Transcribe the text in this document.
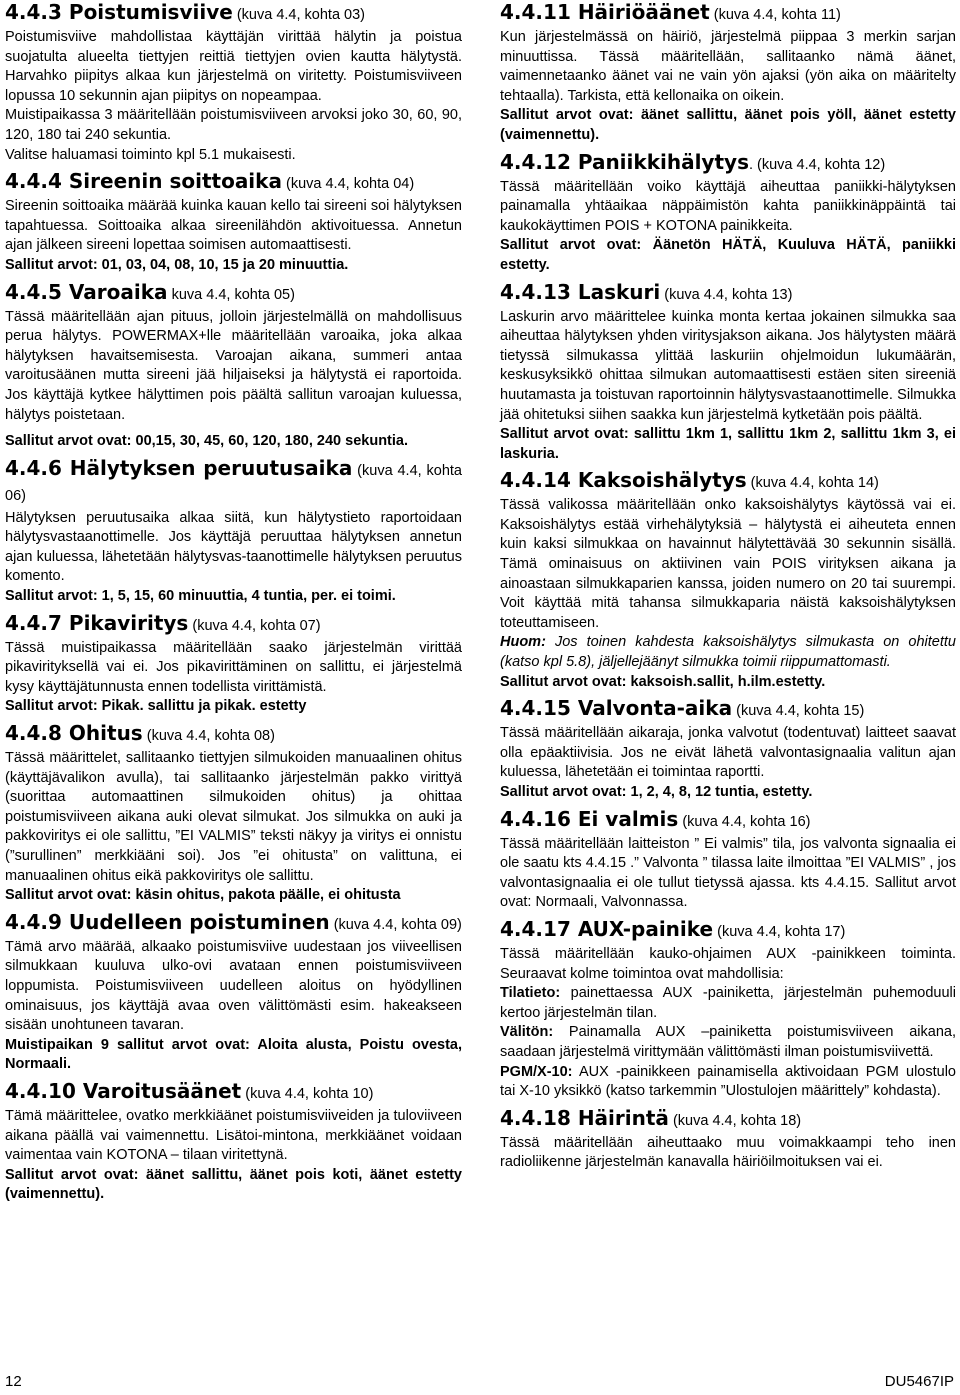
4.4.3 Poistumisviive (kuva 4.4, kohta 03)

Poistumisviive mahdollistaa käyttäjän virittää hälytin ja poistua suojatulta alueelta tiettyjen reittiä tiettyjen ovien kautta hälytystä. Harvahko piipitys alkaa kun järjestelmä on viritetty. Poistumisviiveen lopussa 10 sekunnin ajan piipitys on nopeampaa.

Muistipaikassa 3 määritellään poistumisviiveen arvoksi joko 30, 60, 90, 120, 180 tai 240 sekuntia.

Valitse haluamasi toiminto kpl 5.1 mukaisesti.

4.4.4 Sireenin soittoaika (kuva 4.4, kohta 04)

Sireenin soittoaika määrää kuinka kauan kello tai sireeni soi hälytyksen tapahtuessa. Soittoaika alkaa sireenilähdön aktivoituessa. Annetun ajan jälkeen sireeni lopettaa soimisen automaattisesti.

Sallitut arvot: 01, 03, 04, 08, 10, 15 ja 20 minuuttia.

4.4.5 Varoaika kuva 4.4, kohta 05)

Tässä määritellään ajan pituus, jolloin järjestelmällä on mahdollisuus perua hälytys. POWERMAX+lle määritellään varoaika, joka alkaa hälytyksen havaitsemisesta. Varoajan aikana, summeri antaa varoitusäänen mutta sireeni jää hiljaiseksi ja hälytystä ei raportoida. Jos käyttäjä kytkee hälyttimen pois päältä sallitun varoajan kuluessa, hälytys poistetaan.

Sallitut arvot ovat: 00,15, 30, 45, 60, 120, 180, 240 sekuntia.

4.4.6 Hälytyksen peruutusaika (kuva 4.4, kohta 06)

Hälytyksen peruutusaika alkaa siitä, kun hälytystieto raportoidaan hälytysvastaanottimelle. Jos käyttäjä peruuttaa hälytyksen annetun ajan kuluessa, lähetetään hälytysvas-taanottimelle hälytyksen peruutus komento.

Sallitut arvot: 1, 5, 15, 60 minuuttia, 4 tuntia, per. ei toimi.

4.4.7 Pikaviritys (kuva 4.4, kohta 07)

Tässä muistipaikassa määritellään saako järjestelmän virittää pikavirityksellä vai ei. Jos pikavirittäminen on sallittu, ei järjestelmä kysy käyttäjätunnusta ennen todellista virittämistä.

Sallitut arvot: Pikak. sallittu ja pikak. estetty

4.4.8 Ohitus (kuva 4.4, kohta 08)

Tässä määrittelet, sallitaanko tiettyjen silmukoiden manuaalinen ohitus (käyttäjävalikon avulla), tai sallitaanko järjestelmän pakko virittyä (suorittaa automaattinen silmukoiden ohitus) ja ohittaa poistumisviiveen aikana auki olevat silmukat. Jos silmukka on auki ja pakkoviritys ei ole sallittu, ”EI VALMIS” teksti näkyy ja viritys ei onnistu (”surullinen” merkkiääni soi). Jos ”ei ohitusta” on valittuna, ei manuaalinen ohitus eikä pakkoviritys ole sallittu.

Sallitut arvot ovat: käsin ohitus, pakota päälle, ei ohitusta

4.4.9 Uudelleen poistuminen (kuva 4.4, kohta 09)

Tämä arvo määrää, alkaako poistumisviive uudestaan jos viiveellisen silmukkaan kuuluva ulko-ovi avataan ennen poistumisviiveen loppumista. Poistumisviiveen uudelleen aloitus on hyödyllinen ominaisuus, jos käyttäjä avaa oven välittömästi esim. hakeakseen sisään unohtuneen tavaran.

Muistipaikan 9 sallitut arvot ovat: Aloita alusta, Poistu ovesta, Normaali.

4.4.10 Varoitusäänet (kuva 4.4, kohta 10)

Tämä määrittelee, ovatko merkkiäänet poistumisviiveiden ja tuloviiveen aikana päällä vai vaimennettu. Lisätoi-mintona, merkkiäänet voidaan vaimentaa vain KOTONA – tilaan viritettynä.

Sallitut arvot ovat: äänet sallittu, äänet pois koti, äänet estetty (vaimennettu).

4.4.11 Häiriöäänet (kuva 4.4, kohta 11)

Kun järjestelmässä on häiriö, järjestelmä piippaa 3 merkin sarjan minuuttissa. Tässä määritellään, sallitaanko nämä äänet, vaimennetaanko äänet vai ne vain yön ajaksi (yön aika on määritelty tehtaalla). Tarkista, että kellonaika on oikein.

Sallitut arvot ovat: äänet sallittu, äänet pois yöll, äänet estetty (vaimennettu).

4.4.12 Paniikkihälytys. (kuva 4.4, kohta 12)

Tässä määritellään voiko käyttäjä aiheuttaa paniikki-hälytyksen painamalla yhtäaikaa näppäimistön kahta paniikkinäppäintä tai kaukokäyttimen POIS + KOTONA painikkeita.

Sallitut arvot ovat: Äänetön HÄTÄ, Kuuluva HÄTÄ, paniikki estetty.

4.4.13 Laskuri (kuva 4.4, kohta 13)

Laskurin arvo määrittelee kuinka monta kertaa jokainen silmukka saa aiheuttaa hälytyksen yhden viritysjakson aikana. Jos hälytysten määrä tietyssä silmukassa ylittää laskuriin ohjelmoidun lukumäärän, keskusyksikkö ohittaa silmukan automaattisesti estäen siten sireeniä huutamasta ja toistuvan raportoinnin hälytysvastaanottimelle. Silmukka jää ohitetuksi siihen saakka kun järjestelmä kytketään pois päältä.

Sallitut arvot ovat: sallittu 1km 1, sallittu 1km 2, sallittu 1km 3, ei laskuria.

4.4.14 Kaksoishälytys (kuva 4.4, kohta 14)

Tässä valikossa määritellään onko kaksoishälytys käytössä vai ei. Kaksoishälytys estää virhehälytyksiä – hälytystä ei aiheuteta ennen kuin kaksi silmukkaa on havainnut hälytettävää 30 sekunnin sisällä. Tämä ominaisuus on aktiivinen vain POIS virityksen aikana ja ainoastaan silmukkaparien kanssa, joiden numero on 20 tai suurempi. Voit käyttää mitä tahansa silmukkaparia näistä kaksoishälytyksen toteuttamiseen.

Huom: Jos toinen kahdesta kaksoishälytys silmukasta on ohitettu (katso kpl 5.8), jäljellejäänyt silmukka toimii riippumattomasti.

Sallitut arvot ovat: kaksoish.sallit, h.ilm.estetty.

4.4.15 Valvonta-aika (kuva 4.4, kohta 15)

Tässä määritellään aikaraja, jonka valvotut (todentuvat) laitteet saavat olla epäaktiivisia. Jos ne eivät lähetä valvontasignaalia valitun ajan kuluessa, lähetetään ei toimintaa raportti.

Sallitut arvot ovat: 1, 2, 4, 8, 12 tuntia, estetty.

4.4.16 Ei valmis (kuva 4.4, kohta 16)

Tässä määritellään laitteiston ” Ei valmis” tila, jos valvonta signaalia ei ole saatu kts 4.4.15 .” Valvonta ” tilassa laite ilmoittaa ”EI VALMIS” , jos valvontasignaalia ei ole tullut tietyssä ajassa. kts 4.4.15. Sallitut arvot ovat: Normaali, Valvonnassa.

4.4.17 AUX-painike (kuva 4.4, kohta 17)

Tässä määritellään kauko-ohjaimen AUX -painikkeen toiminta. Seuraavat kolme toimintoa ovat mahdollisia:

Tilatieto: painettaessa AUX -painiketta, järjestelmän puhemoduuli kertoo järjestelmän tilan.

Välitön: Painamalla AUX –painiketta poistumisviiveen aikana, saadaan järjestelmä virittymään välittömästi ilman poistumisviivettä.

PGM/X-10: AUX -painikkeen painamisella aktivoidaan PGM ulostulo tai X-10 yksikkö (katso tarkemmin ”Ulostulojen määrittely” kohdasta).

4.4.18 Häirintä (kuva 4.4, kohta 18)

Tässä määritellään aiheuttaako muu voimakkaampi teho inen radioliikenne järjestelmän kanavalla häiriöilmoituksen vai ei.

12	DU5467IP
